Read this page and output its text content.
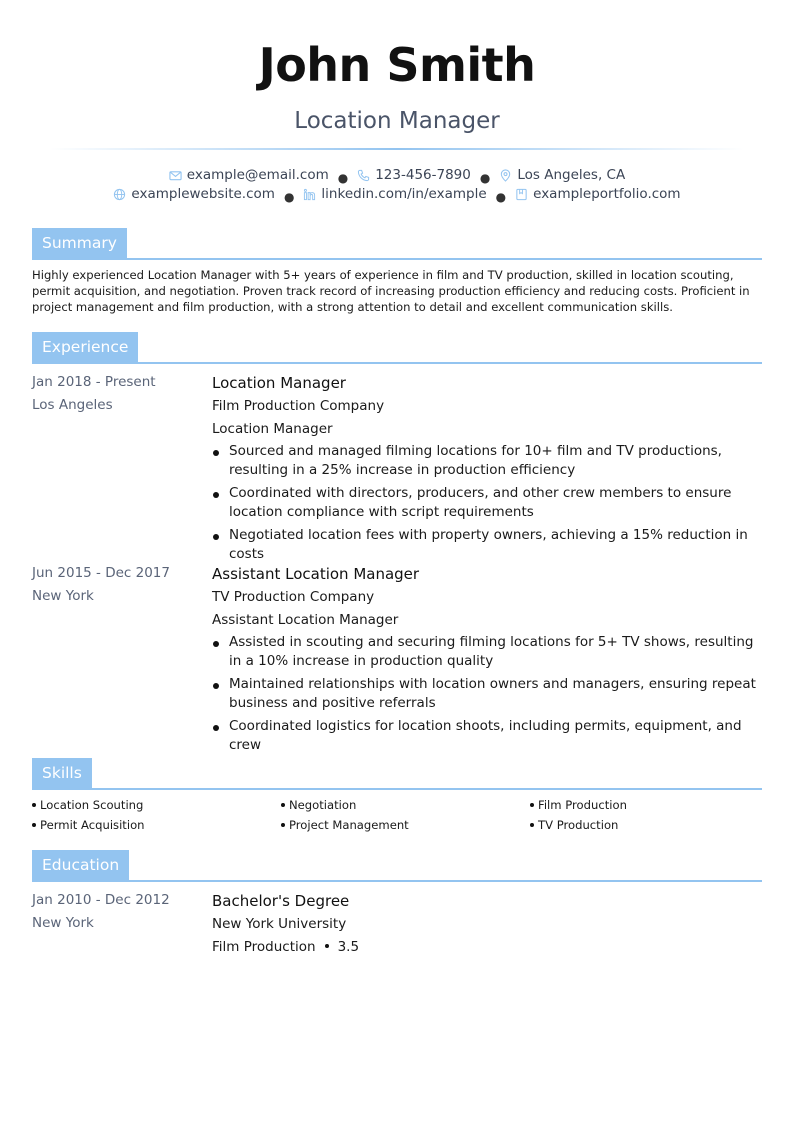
John Smith
Location Manager
example@email.com ● 123-456-7890 ● Los Angeles, CA
examplewebsite.com ● linkedin.com/in/example ● exampleportfolio.com
Summary
Highly experienced Location Manager with 5+ years of experience in film and TV production, skilled in location scouting, permit acquisition, and negotiation. Proven track record of increasing production efficiency and reducing costs. Proficient in project management and film production, with a strong attention to detail and excellent communication skills.
Experience
Jan 2018 - Present
Los Angeles
Location Manager
Film Production Company
Location Manager
Sourced and managed filming locations for 10+ film and TV productions, resulting in a 25% increase in production efficiency
Coordinated with directors, producers, and other crew members to ensure location compliance with script requirements
Negotiated location fees with property owners, achieving a 15% reduction in costs
Jun 2015 - Dec 2017
New York
Assistant Location Manager
TV Production Company
Assistant Location Manager
Assisted in scouting and securing filming locations for 5+ TV shows, resulting in a 10% increase in production quality
Maintained relationships with location owners and managers, ensuring repeat business and positive referrals
Coordinated logistics for location shoots, including permits, equipment, and crew
Skills
Location Scouting	Negotiation	Film Production
Permit Acquisition	Project Management	TV Production
Education
Jan 2010 - Dec 2012
New York
Bachelor's Degree
New York University
Film Production 3.5
